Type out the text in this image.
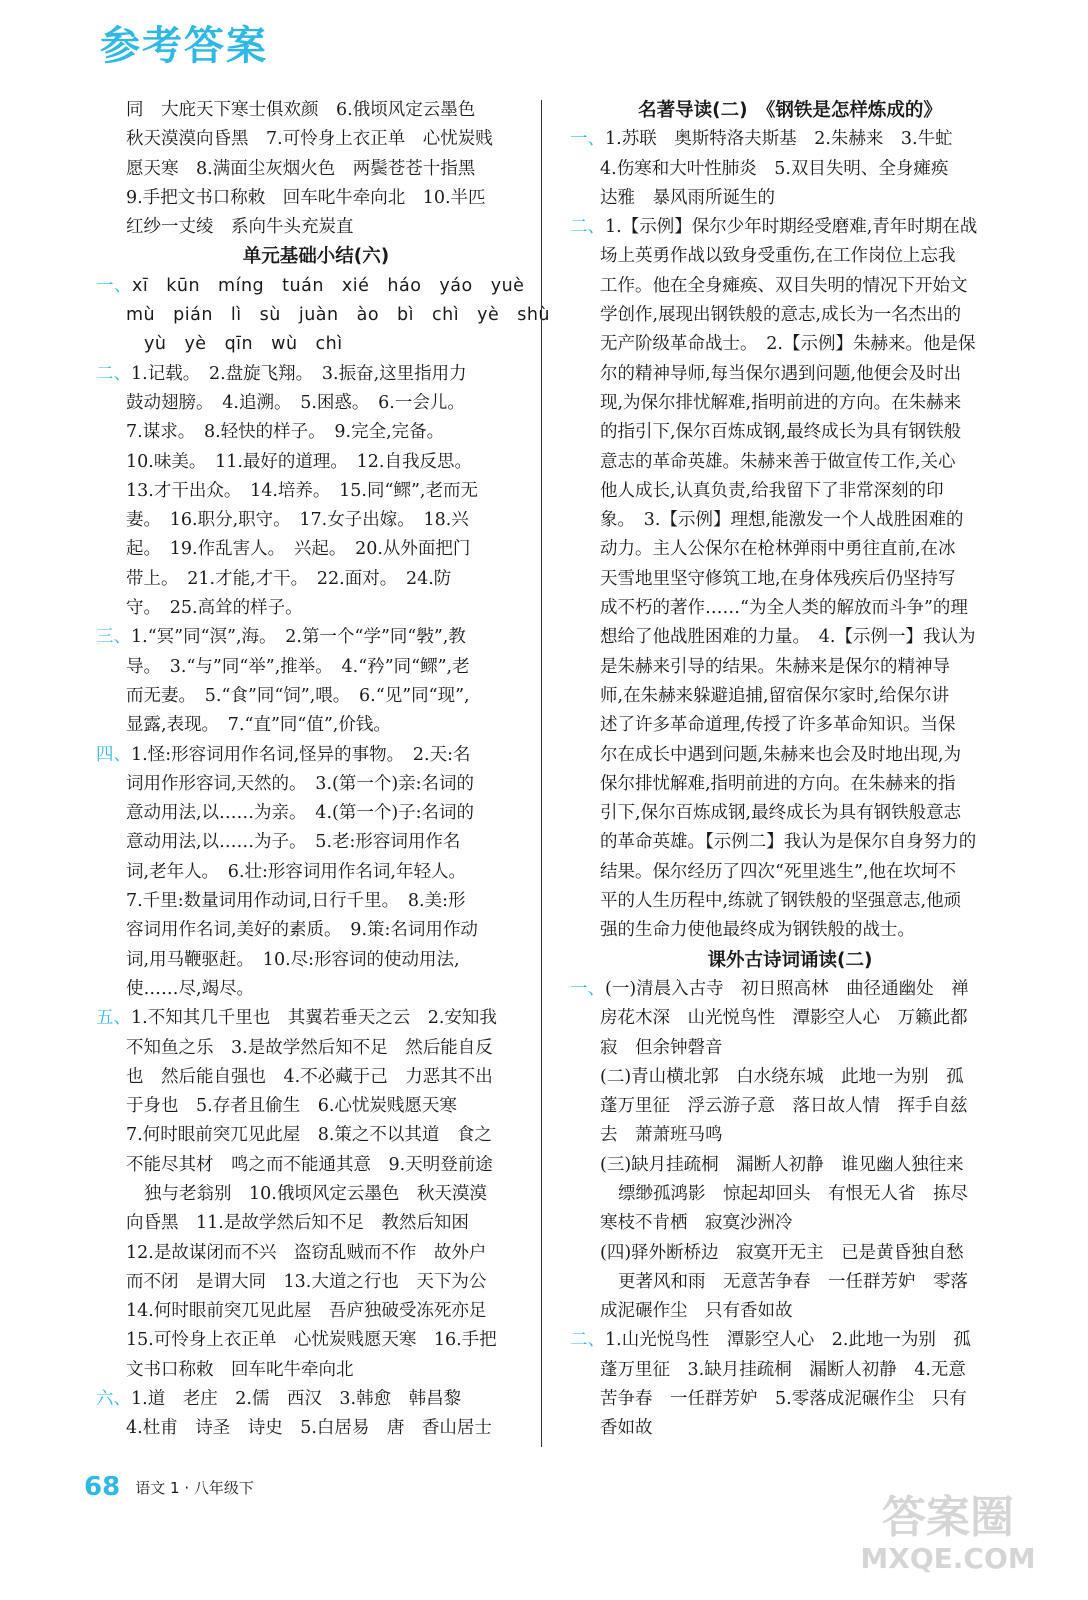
参考答案
同　大庇天下寒士俱欢颜　6.俄顷风定云墨色
秋天漠漠向昏黑　7.可怜身上衣正单　心忧炭贱
愿天寒　8.满面尘灰烟火色　两鬓苍苍十指黑
9.手把文书口称敕　回车叱牛牵向北　10.半匹
红纱一丈绫　系向牛头充炭直
单元基础小结(六)
一、xī　kūn　míng　tuán　xié　háo　yáo　yuè
mù　pián　lì　sù　juàn　ào　bì　chì　yè　shù
yù　yè　qīn　wù　chì
二、1.记载。　2.盘旋飞翔。　3.振奋,这里指用力
鼓动翅膀。　4.追溯。　5.困惑。　6.一会儿。
7.谋求。　8.轻快的样子。　9.完全,完备。
10.味美。　11.最好的道理。　12.自我反思。
13.才干出众。　14.培养。　15.同“鳏”,老而无
妻。　16.职分,职守。　17.女子出嫁。　18.兴
起。　19.作乱害人。　兴起。　20.从外面把门
带上。　21.才能,才干。　22.面对。　24.防
守。　25.高耸的样子。
三、1.“冥”同“溟”,海。　2.第一个“学”同“斅”,教
导。　3.“与”同“举”,推举。　4.“矜”同“鳏”,老
而无妻。　5.“食”同“饲”,喂。　6.“见”同“现”,
显露,表现。　7.“直”同“值”,价钱。
四、1.怪:形容词用作名词,怪异的事物。　2.天:名
词用作形容词,天然的。　3.(第一个)亲:名词的
意动用法,以……为亲。　4.(第一个)子:名词的
意动用法,以……为子。　5.老:形容词用作名
词,老年人。　6.壮:形容词用作名词,年轻人。
7.千里:数量词用作动词,日行千里。　8.美:形
容词用作名词,美好的素质。　9.策:名词用作动
词,用马鞭驱赶。　10.尽:形容词的使动用法,
使……尽,竭尽。
五、1.不知其几千里也　其翼若垂天之云　2.安知我
不知鱼之乐　3.是故学然后知不足　然后能自反
也　然后能自强也　4.不必藏于己　力恶其不出
于身也　5.存者且偷生　6.心忧炭贱愿天寒
7.何时眼前突兀见此屋　8.策之不以其道　食之
不能尽其材　鸣之而不能通其意　9.天明登前途
独与老翁别　10.俄顷风定云墨色　秋天漠漠
向昏黑　11.是故学然后知不足　教然后知困
12.是故谋闭而不兴　盗窃乱贼而不作　故外户
而不闭　是谓大同　13.大道之行也　天下为公
14.何时眼前突兀见此屋　吾庐独破受冻死亦足
15.可怜身上衣正单　心忧炭贱愿天寒　16.手把
文书口称敕　回车叱牛牵向北
六、1.道　老庄　2.儒　西汉　3.韩愈　韩昌黎
4.杜甫　诗圣　诗史　5.白居易　唐　香山居士
名著导读(二)　《钢铁是怎样炼成的》
一、1.苏联　奥斯特洛夫斯基　2.朱赫来　3.牛虻
4.伤寒和大叶性肺炎　5.双目失明、全身瘫痪
达雅　暴风雨所诞生的
二、1.【示例】保尔少年时期经受磨难,青年时期在战
场上英勇作战以致身受重伤,在工作岗位上忘我
工作。他在全身瘫痪、双目失明的情况下开始文
学创作,展现出钢铁般的意志,成长为一名杰出的
无产阶级革命战士。　2.【示例】朱赫来。他是保
尔的精神导师,每当保尔遇到问题,他便会及时出
现,为保尔排忧解难,指明前进的方向。在朱赫来
的指引下,保尔百炼成钢,最终成长为具有钢铁般
意志的革命英雄。朱赫来善于做宣传工作,关心
他人成长,认真负责,给我留下了非常深刻的印
象。　3.【示例】理想,能激发一个人战胜困难的
动力。主人公保尔在枪林弹雨中勇往直前,在冰
天雪地里坚守修筑工地,在身体残疾后仍坚持写
成不朽的著作……“为全人类的解放而斗争”的理
想给了他战胜困难的力量。　4.【示例一】我认为
是朱赫来引导的结果。朱赫来是保尔的精神导
师,在朱赫来躲避追捕,留宿保尔家时,给保尔讲
述了许多革命道理,传授了许多革命知识。当保
尔在成长中遇到问题,朱赫来也会及时地出现,为
保尔排忧解难,指明前进的方向。在朱赫来的指
引下,保尔百炼成钢,最终成长为具有钢铁般意志
的革命英雄。【示例二】我认为是保尔自身努力的
结果。保尔经历了四次“死里逃生”,他在坎坷不
平的人生历程中,练就了钢铁般的坚强意志,他顽
强的生命力使他最终成为钢铁般的战士。
课外古诗词诵读(二)
一、(一)清晨入古寺　初日照高林　曲径通幽处　禅
房花木深　山光悦鸟性　潭影空人心　万籁此都
寂　但余钟磬音
(二)青山横北郭　白水绕东城　此地一为别　孤
蓬万里征　浮云游子意　落日故人情　挥手自兹
去　萧萧班马鸣
(三)缺月挂疏桐　漏断人初静　谁见幽人独往来
缥缈孤鸿影　惊起却回头　有恨无人省　拣尽
寒枝不肯栖　寂寞沙洲冷
(四)驿外断桥边　寂寞开无主　已是黄昏独自愁
更著风和雨　无意苦争春　一任群芳妒　零落
成泥碾作尘　只有香如故
二、1.山光悦鸟性　潭影空人心　2.此地一为别　孤
蓬万里征　3.缺月挂疏桐　漏断人初静　4.无意
苦争春　一任群芳妒　5.零落成泥碾作尘　只有
香如故
68 语文 1 · 八年级下
答案圈
MXQE.COM
